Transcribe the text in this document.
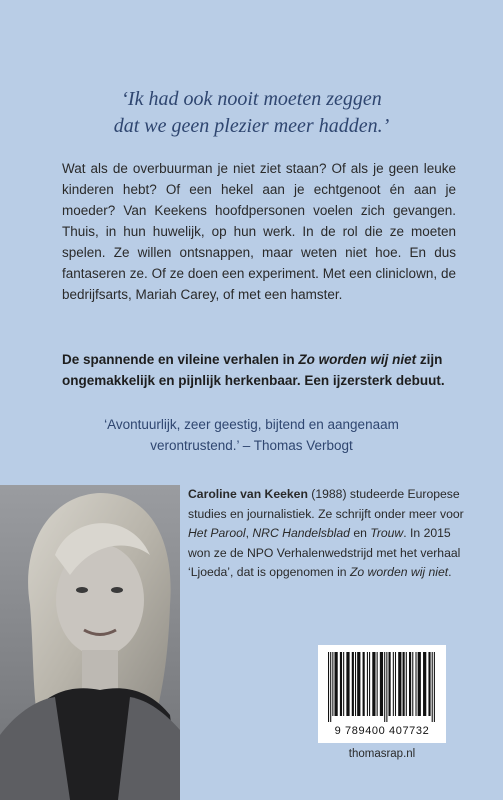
‘Ik had ook nooit moeten zeggen
dat we geen plezier meer hadden.’
Wat als de overbuurman je niet ziet staan? Of als je geen leuke kinderen hebt? Of een hekel aan je echtgenoot én aan je moeder? Van Keekens hoofdpersonen voelen zich gevangen. Thuis, in hun huwelijk, op hun werk. In de rol die ze moeten spelen. Ze willen ontsnappen, maar weten niet hoe. En dus fantaseren ze. Of ze doen een experiment. Met een cliniclown, de bedrijfsarts, Mariah Carey, of met een hamster.
De spannende en vileine verhalen in Zo worden wij niet zijn ongemakkelijk en pijnlijk herkenbaar. Een ijzersterk debuut.
‘Avontuurlijk, zeer geestig, bijtend en aangenaam
verontrustend.’ – Thomas Verbogt
Caroline van Keeken (1988) studeerde Europese studies en journalistiek. Ze schrijft onder meer voor Het Parool, NRC Handelsblad en Trouw. In 2015 won ze de NPO Verhalenwedstrijd met het verhaal ‘Ljoeda’, dat is opgenomen in Zo worden wij niet.
9 789400 407732
thomasrap.nl
